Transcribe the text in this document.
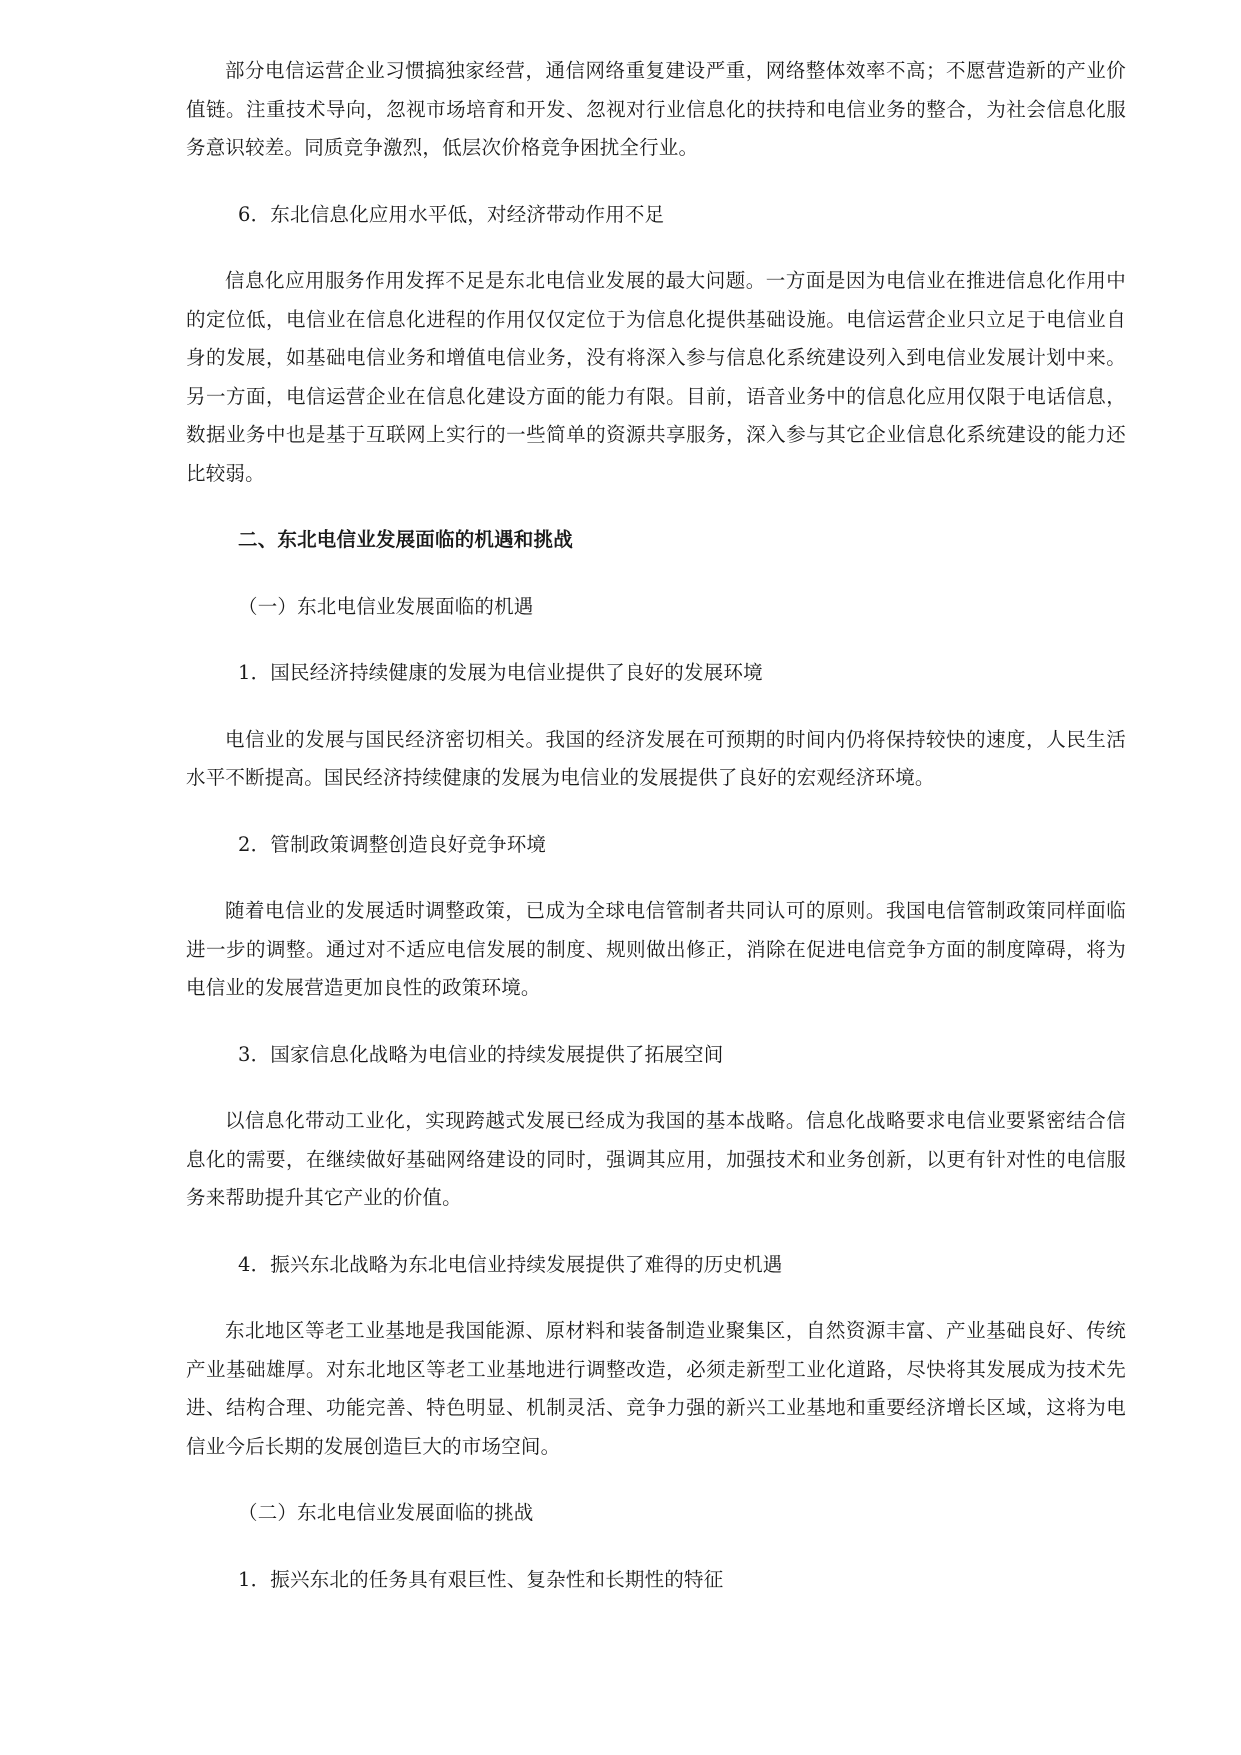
部分电信运营企业习惯搞独家经营，通信网络重复建设严重，网络整体效率不高；不愿营造新的产业价值链。注重技术导向，忽视市场培育和开发、忽视对行业信息化的扶持和电信业务的整合，为社会信息化服务意识较差。同质竞争激烈，低层次价格竞争困扰全行业。

6．东北信息化应用水平低，对经济带动作用不足

信息化应用服务作用发挥不足是东北电信业发展的最大问题。一方面是因为电信业在推进信息化作用中的定位低，电信业在信息化进程的作用仅仅定位于为信息化提供基础设施。电信运营企业只立足于电信业自身的发展，如基础电信业务和增值电信业务，没有将深入参与信息化系统建设列入到电信业发展计划中来。另一方面，电信运营企业在信息化建设方面的能力有限。目前，语音业务中的信息化应用仅限于电话信息，数据业务中也是基于互联网上实行的一些简单的资源共享服务，深入参与其它企业信息化系统建设的能力还比较弱。

二、东北电信业发展面临的机遇和挑战

（一）东北电信业发展面临的机遇

1．国民经济持续健康的发展为电信业提供了良好的发展环境

电信业的发展与国民经济密切相关。我国的经济发展在可预期的时间内仍将保持较快的速度，人民生活水平不断提高。国民经济持续健康的发展为电信业的发展提供了良好的宏观经济环境。

2．管制政策调整创造良好竞争环境

随着电信业的发展适时调整政策，已成为全球电信管制者共同认可的原则。我国电信管制政策同样面临进一步的调整。通过对不适应电信发展的制度、规则做出修正，消除在促进电信竞争方面的制度障碍，将为电信业的发展营造更加良性的政策环境。

3．国家信息化战略为电信业的持续发展提供了拓展空间

以信息化带动工业化，实现跨越式发展已经成为我国的基本战略。信息化战略要求电信业要紧密结合信息化的需要，在继续做好基础网络建设的同时，强调其应用，加强技术和业务创新，以更有针对性的电信服务来帮助提升其它产业的价值。

4．振兴东北战略为东北电信业持续发展提供了难得的历史机遇

东北地区等老工业基地是我国能源、原材料和装备制造业聚集区，自然资源丰富、产业基础良好、传统产业基础雄厚。对东北地区等老工业基地进行调整改造，必须走新型工业化道路，尽快将其发展成为技术先进、结构合理、功能完善、特色明显、机制灵活、竞争力强的新兴工业基地和重要经济增长区域，这将为电信业今后长期的发展创造巨大的市场空间。

（二）东北电信业发展面临的挑战

1．振兴东北的任务具有艰巨性、复杂性和长期性的特征
